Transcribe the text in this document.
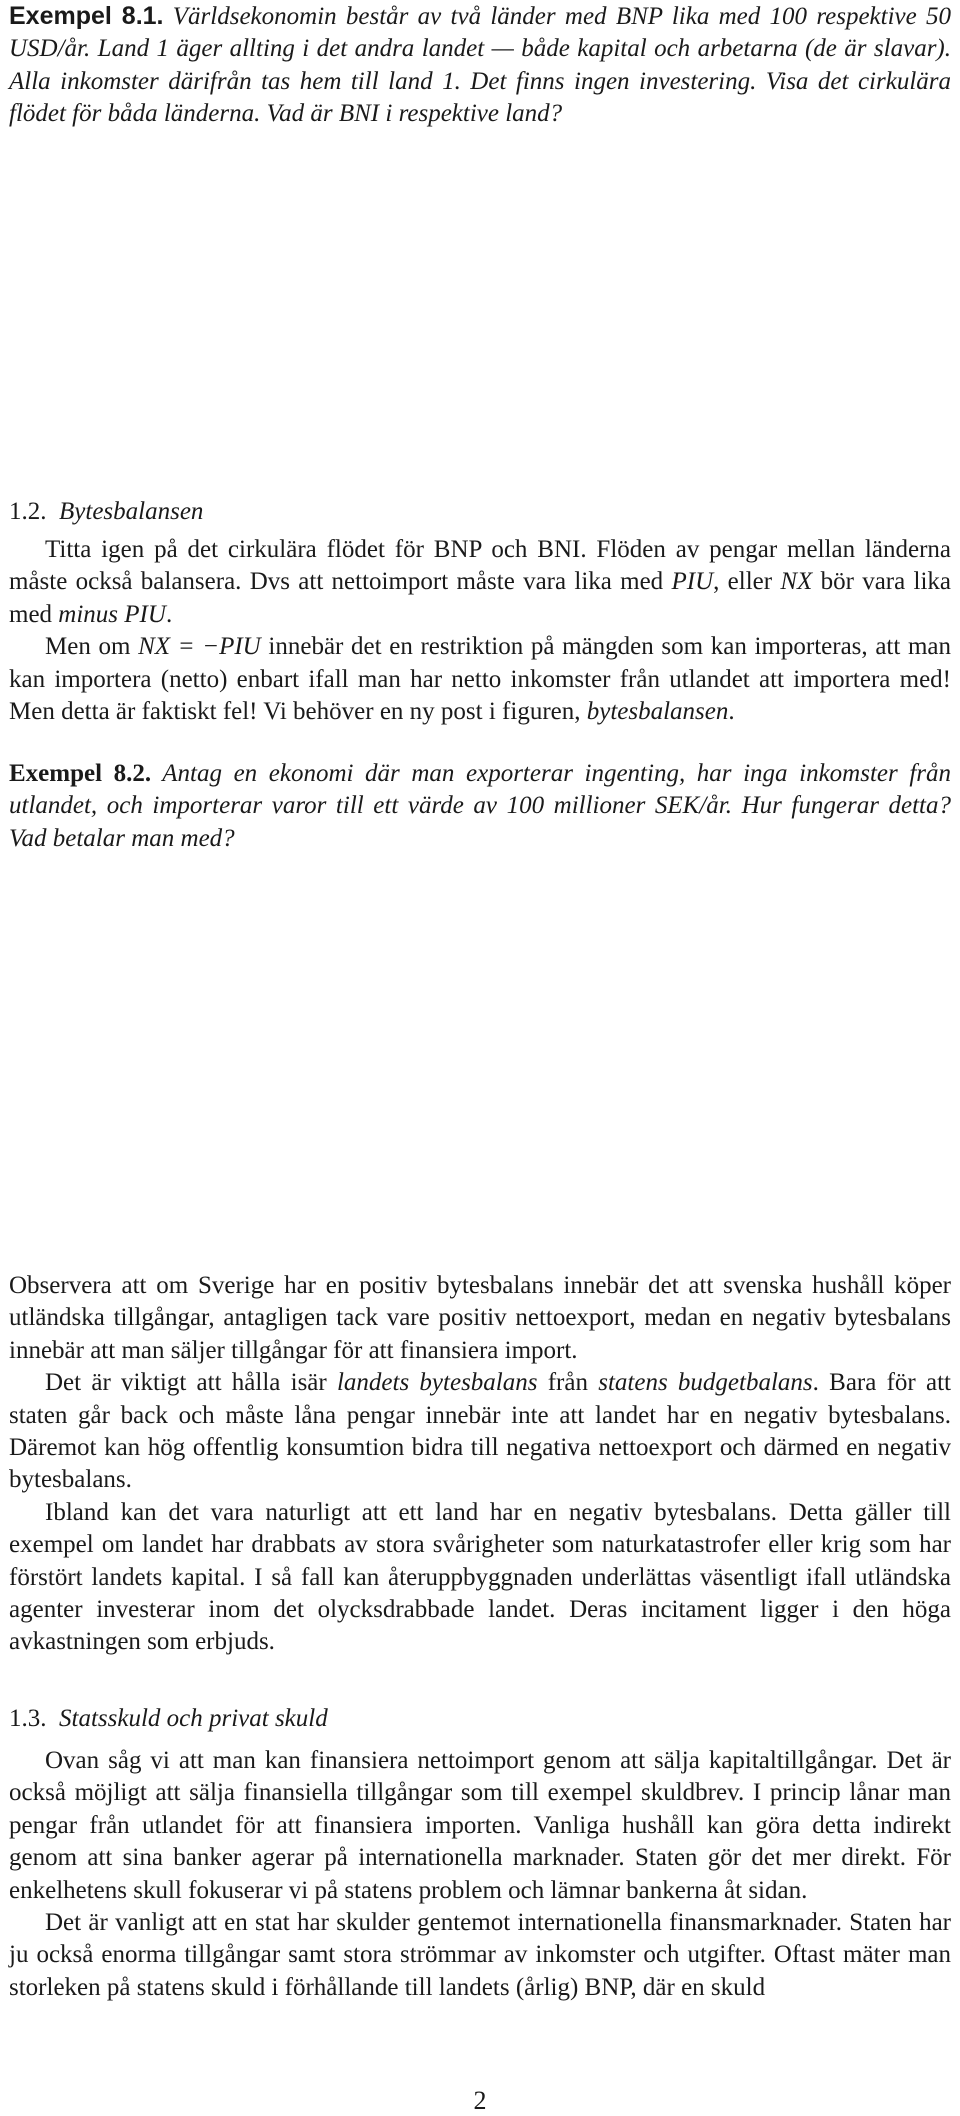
Exempel 8.1. Världsekonomin består av två länder med BNP lika med 100 respektive 50 USD/år. Land 1 äger allting i det andra landet — både kapital och arbetarna (de är slavar). Alla inkomster därifrån tas hem till land 1. Det finns ingen investering. Visa det cirkulära flödet för båda länderna. Vad är BNI i respektive land?

1.2. Bytesbalansen

Titta igen på det cirkulära flödet för BNP och BNI. Flöden av pengar mellan länderna måste också balansera. Dvs att nettoimport måste vara lika med PIU, eller NX bör vara lika med minus PIU.

Men om NX = −PIU innebär det en restriktion på mängden som kan importeras, att man kan importera (netto) enbart ifall man har netto inkomster från utlandet att importera med! Men detta är faktiskt fel! Vi behöver en ny post i figuren, bytesbalansen.

Exempel 8.2. Antag en ekonomi där man exporterar ingenting, har inga inkomster från utlandet, och importerar varor till ett värde av 100 millioner SEK/år. Hur fungerar detta? Vad betalar man med?

Observera att om Sverige har en positiv bytesbalans innebär det att svenska hushåll köper utländska tillgångar, antagligen tack vare positiv nettoexport, medan en negativ bytesbalans innebär att man säljer tillgångar för att finansiera import.

Det är viktigt att hålla isär landets bytesbalans från statens budgetbalans. Bara för att staten går back och måste låna pengar innebär inte att landet har en negativ bytesbalans. Däremot kan hög offentlig konsumtion bidra till negativa nettoexport och därmed en negativ bytesbalans.

Ibland kan det vara naturligt att ett land har en negativ bytesbalans. Detta gäller till exempel om landet har drabbats av stora svårigheter som naturkatastrofer eller krig som har förstört landets kapital. I så fall kan återuppbyggnaden underlättas väsentligt ifall utländska agenter investerar inom det olycksdrabbade landet. Deras incitament ligger i den höga avkastningen som erbjuds.

1.3. Statsskuld och privat skuld

Ovan såg vi att man kan finansiera nettoimport genom att sälja kapitaltillgångar. Det är också möjligt att sälja finansiella tillgångar som till exempel skuldbrev. I princip lånar man pengar från utlandet för att finansiera importen. Vanliga hushåll kan göra detta indirekt genom att sina banker agerar på internationella marknader. Staten gör det mer direkt. För enkelhetens skull fokuserar vi på statens problem och lämnar bankerna åt sidan.

Det är vanligt att en stat har skulder gentemot internationella finansmarknader. Staten har ju också enorma tillgångar samt stora strömmar av inkomster och utgifter. Oftast mäter man storleken på statens skuld i förhållande till landets (årlig) BNP, där en skuld

2
